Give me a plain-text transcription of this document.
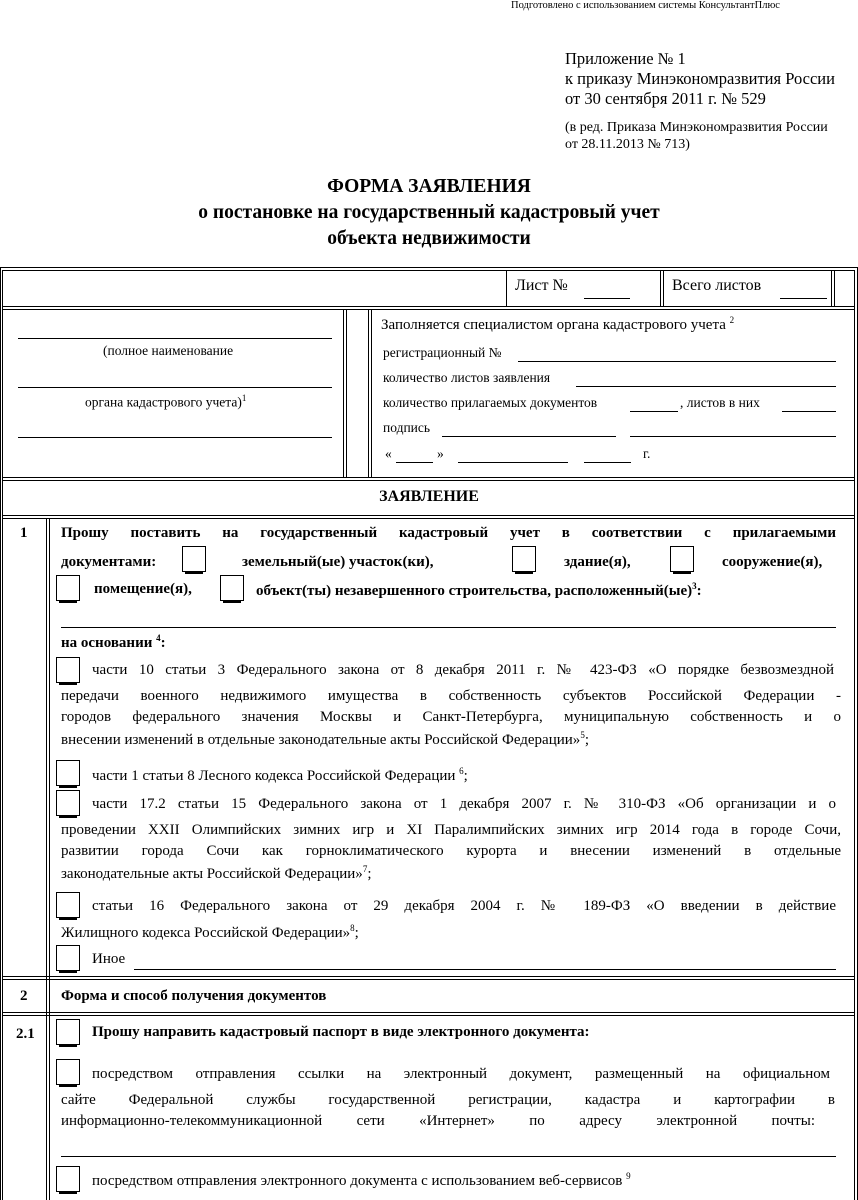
Подготовлено с использованием системы КонсультантПлюс
Приложение № 1
к приказу Минэкономразвития России
от 30 сентября 2011 г. № 529
(в ред. Приказа Минэкономразвития России
от 28.11.2013 № 713)
ФОРМА ЗАЯВЛЕНИЯ
о постановке на государственный кадастровый учет
объекта недвижимости
Лист №	Всего листов
(полное наименование
органа кадастрового учета)$^1$
Заполняется специалистом органа кадастрового учета $^2$
регистрационный №
количество листов заявления
количество прилагаемых документов	, листов в них
подпись
«	»	г.
ЗАЯВЛЕНИЕ
1 Прошу поставить на государственный кадастровый учет в соответствии с прилагаемыми
документами:	земельный(ые) участок(ки),	здание(я),	сооружение(я),
помещение(я),	объект(ты) незавершенного строительства, расположенный(ые)$^3$:
на основании $^4$:
части 10 статьи 3 Федерального закона от 8 декабря 2011 г. № 423-ФЗ «О порядке безвозмездной
передачи военного недвижимого имущества в собственность субъектов Российской Федерации -
городов федерального значения Москвы и Санкт-Петербурга, муниципальную собственность и о
внесении изменений в отдельные законодательные акты Российской Федерации»$^5$;
части 1 статьи 8 Лесного кодекса Российской Федерации $^6$;
части 17.2 статьи 15 Федерального закона от 1 декабря 2007 г. № 310-ФЗ «Об организации и о
проведении XXII Олимпийских зимних игр и XI Паралимпийских зимних игр 2014 года в городе Сочи,
развитии города Сочи как горноклиматического курорта и внесении изменений в отдельные
законодательные акты Российской Федерации»$^7$;
статьи 16 Федерального закона от 29 декабря 2004 г. № 189-ФЗ «О введении в действие
Жилищного кодекса Российской Федерации»$^8$;
Иное
2 Форма и способ получения документов
2.1	Прошу направить кадастровый паспорт в виде электронного документа:
посредством отправления ссылки на электронный документ, размещенный на официальном
сайте Федеральной службы государственной регистрации, кадастра и картографии в
информационно-телекоммуникационной сети «Интернет» по адресу электронной почты:
посредством отправления электронного документа с использованием веб-сервисов $^9$
